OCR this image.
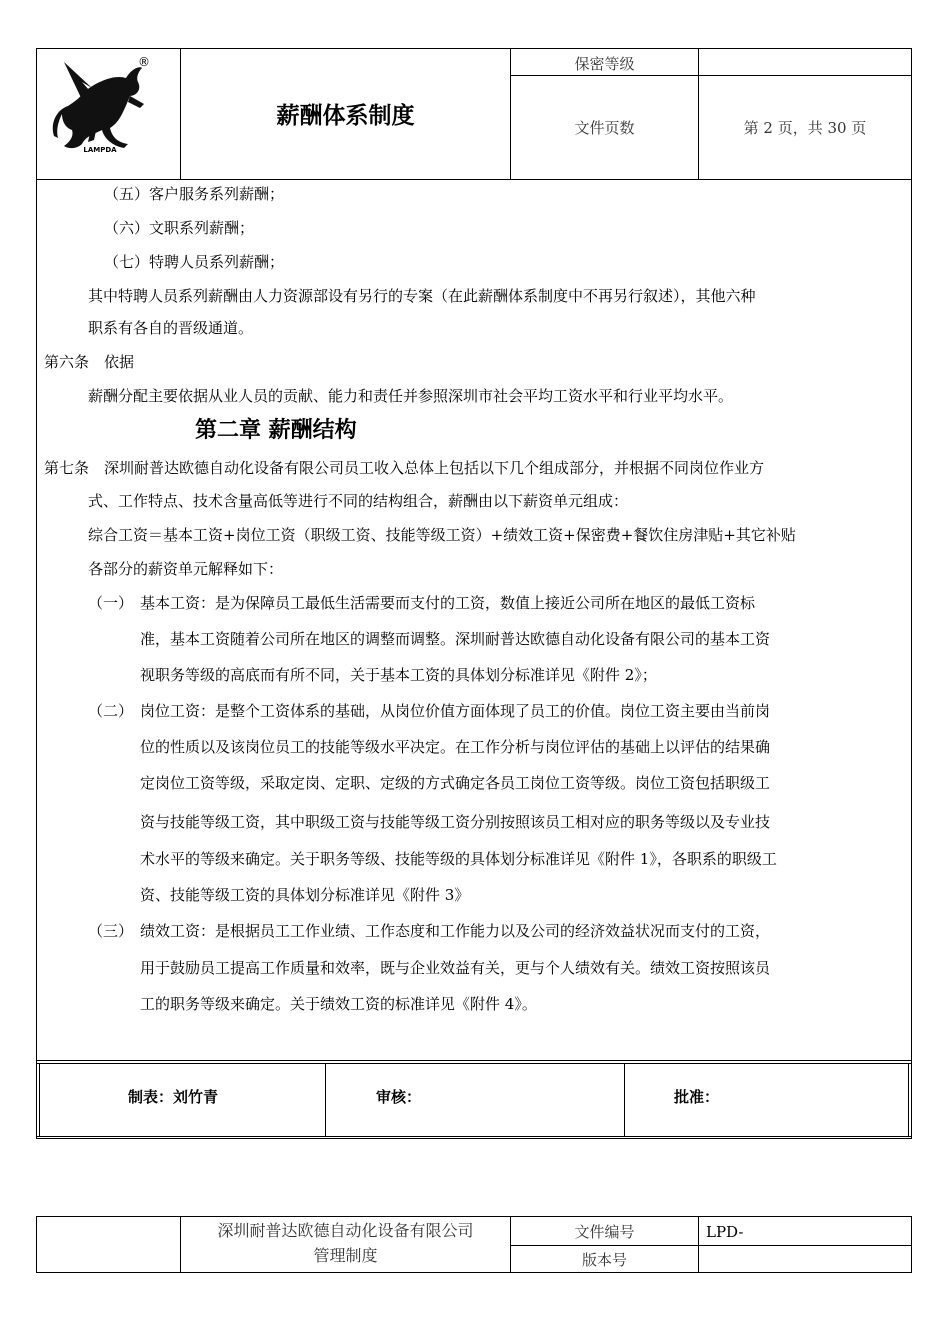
LAMPDA
®
薪酬体系制度
保密等级
文件页数	第 2 页，共 30 页
（五）客户服务系列薪酬；
（六）文职系列薪酬；
（七）特聘人员系列薪酬；
其中特聘人员系列薪酬由人力资源部设有另行的专案（在此薪酬体系制度中不再另行叙述），其他六种
职系有各自的晋级通道。
第六条　依据
薪酬分配主要依据从业人员的贡献、能力和责任并参照深圳市社会平均工资水平和行业平均水平。
第二章 薪酬结构
第七条　深圳耐普达欧德自动化设备有限公司员工收入总体上包括以下几个组成部分，并根据不同岗位作业方
式、工作特点、技术含量高低等进行不同的结构组合，薪酬由以下薪资单元组成：
综合工资＝基本工资+岗位工资（职级工资、技能等级工资）+绩效工资+保密费+餐饮住房津贴+其它补贴
各部分的薪资单元解释如下：
（一） 基本工资：是为保障员工最低生活需要而支付的工资，数值上接近公司所在地区的最低工资标
准，基本工资随着公司所在地区的调整而调整。深圳耐普达欧德自动化设备有限公司的基本工资
视职务等级的高底而有所不同，关于基本工资的具体划分标准详见《附件 2》；
（二） 岗位工资：是整个工资体系的基础，从岗位价值方面体现了员工的价值。岗位工资主要由当前岗
位的性质以及该岗位员工的技能等级水平决定。在工作分析与岗位评估的基础上以评估的结果确
定岗位工资等级，采取定岗、定职、定级的方式确定各员工岗位工资等级。岗位工资包括职级工
资与技能等级工资，其中职级工资与技能等级工资分别按照该员工相对应的职务等级以及专业技
术水平的等级来确定。关于职务等级、技能等级的具体划分标准详见《附件 1》，各职系的职级工
资、技能等级工资的具体划分标准详见《附件 3》
（三） 绩效工资：是根据员工工作业绩、工作态度和工作能力以及公司的经济效益状况而支付的工资，
用于鼓励员工提高工作质量和效率，既与企业效益有关，更与个人绩效有关。绩效工资按照该员
工的职务等级来确定。关于绩效工资的标准详见《附件 4》。
制表：刘竹青	审核：	批准：
深圳耐普达欧德自动化设备有限公司
管理制度
文件编号	LPD-
版本号
